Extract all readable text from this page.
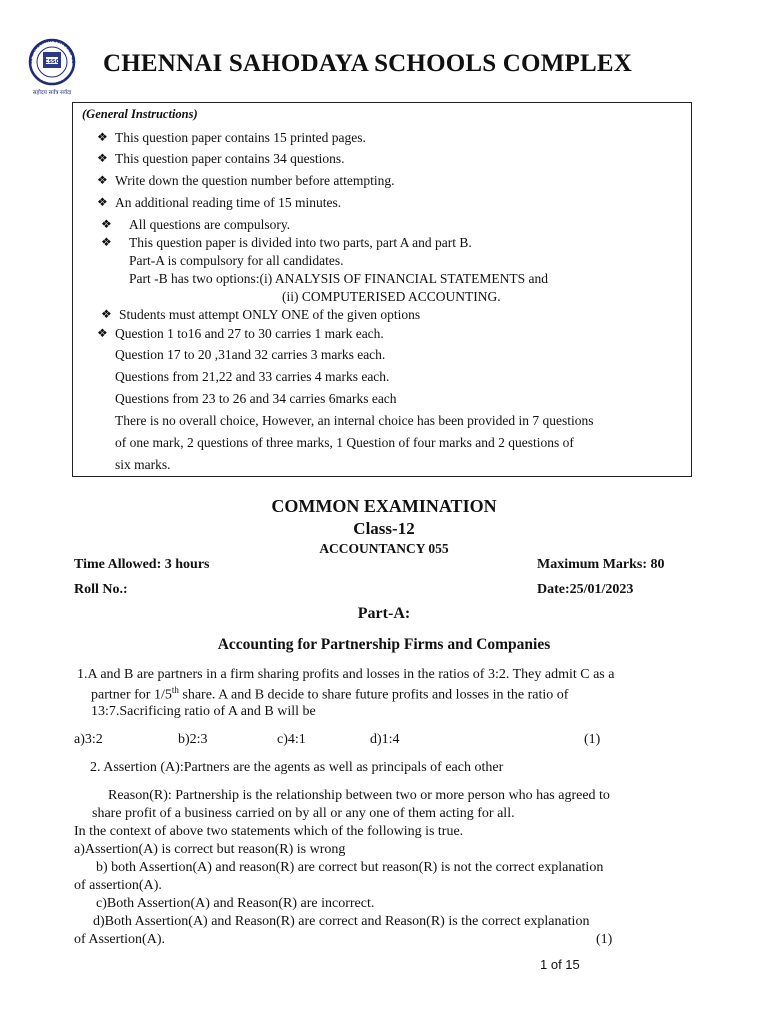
CSSC
AI SAHODAYA SCHOOLS CO
सहोदय सर्वत्र सर्वदा
CHENNAI SAHODAYA SCHOOLS COMPLEX
(General Instructions)
❖ This question paper contains 15 printed pages.
❖ This question paper contains 34 questions.
❖ Write down the question number before attempting.
❖ An additional reading time of 15 minutes.
❖ All questions are compulsory.
❖ This question paper is divided into two parts, part A and part B.
Part-A is compulsory for all candidates.
Part -B has two options:(i) ANALYSIS OF FINANCIAL STATEMENTS and
(ii) COMPUTERISED ACCOUNTING.
❖ Students must attempt ONLY ONE of the given options
❖ Question 1 to16 and 27 to 30 carries 1 mark each.
Question 17 to 20 ,31and 32 carries 3 marks each.
Questions from 21,22 and 33 carries 4 marks each.
Questions from 23 to 26 and 34 carries 6marks each
There is no overall choice, However, an internal choice has been provided in 7 questions
of one mark, 2 questions of three marks, 1 Question of four marks and 2 questions of
six marks.
COMMON EXAMINATION
Class-12
ACCOUNTANCY 055
Time Allowed: 3 hours	Maximum Marks: 80
Roll No.:	Date:25/01/2023
Part-A:
Accounting for Partnership Firms and Companies
1.A and B are partners in a firm sharing profits and losses in the ratios of 3:2. They admit C as a
partner for 1/5th share. A and B decide to share future profits and losses in the ratio of
13:7.Sacrificing ratio of A and B will be
a)3:2	b)2:3	c)4:1	d)1:4	(1)
2. Assertion (A):Partners are the agents as well as principals of each other
Reason(R): Partnership is the relationship between two or more person who has agreed to
share profit of a business carried on by all or any one of them acting for all.
In the context of above two statements which of the following is true.
a)Assertion(A) is correct but reason(R) is wrong
b) both Assertion(A) and reason(R) are correct but reason(R) is not the correct explanation
of assertion(A).
c)Both Assertion(A) and Reason(R) are incorrect.
d)Both Assertion(A) and Reason(R) are correct and Reason(R) is the correct explanation
of Assertion(A).	(1)
1 of 15
